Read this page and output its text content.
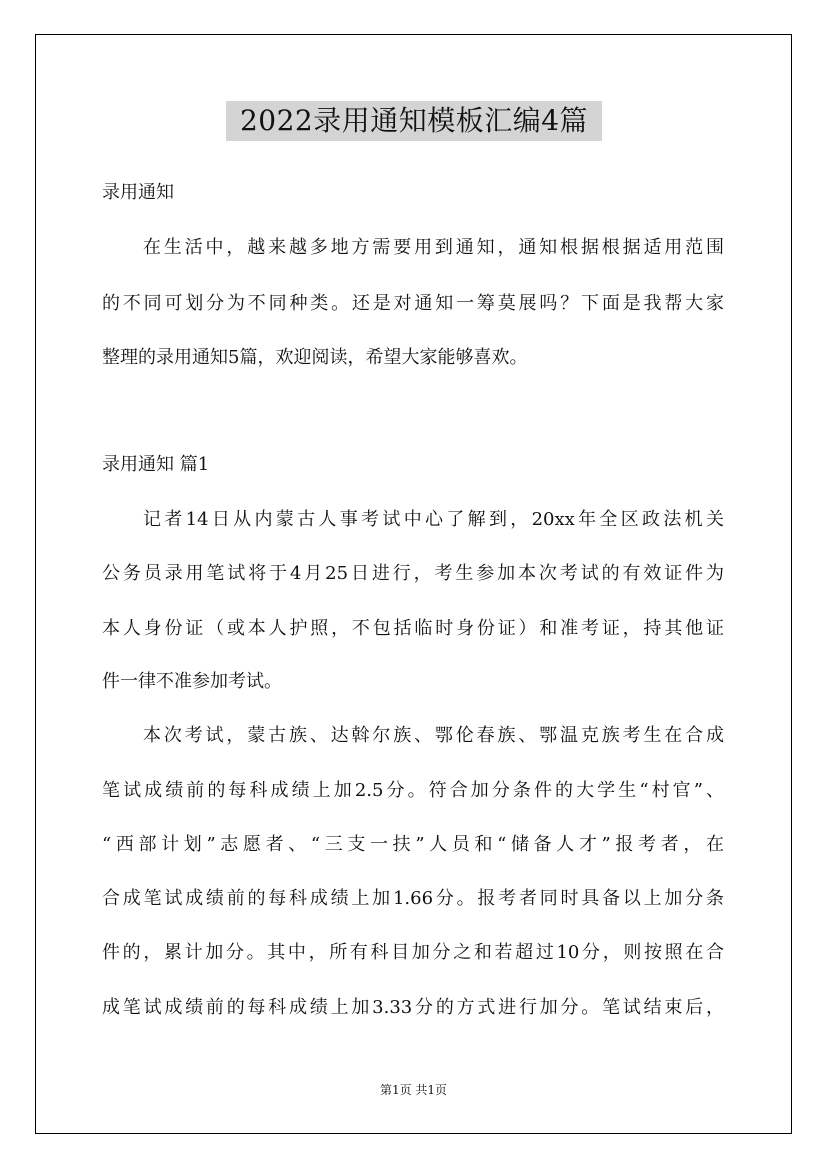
2022录用通知模板汇编4篇
录用通知
在生活中，越来越多地方需要用到通知，通知根据根据适用范围
的不同可划分为不同种类。还是对通知一筹莫展吗？下面是我帮大家
整理的录用通知5篇，欢迎阅读，希望大家能够喜欢。
录用通知 篇1
记者14日从内蒙古人事考试中心了解到，20xx年全区政法机关
公务员录用笔试将于4月25日进行，考生参加本次考试的有效证件为
本人身份证（或本人护照，不包括临时身份证）和准考证，持其他证
件一律不准参加考试。
本次考试，蒙古族、达斡尔族、鄂伦春族、鄂温克族考生在合成
笔试成绩前的每科成绩上加2.5分。符合加分条件的大学生“村官”、
“西部计划”志愿者、“三支一扶”人员和“储备人才”报考者，在
合成笔试成绩前的每科成绩上加1.66分。报考者同时具备以上加分条
件的，累计加分。其中，所有科目加分之和若超过10分，则按照在合
成笔试成绩前的每科成绩上加3.33分的方式进行加分。笔试结束后，
第1页 共1页
